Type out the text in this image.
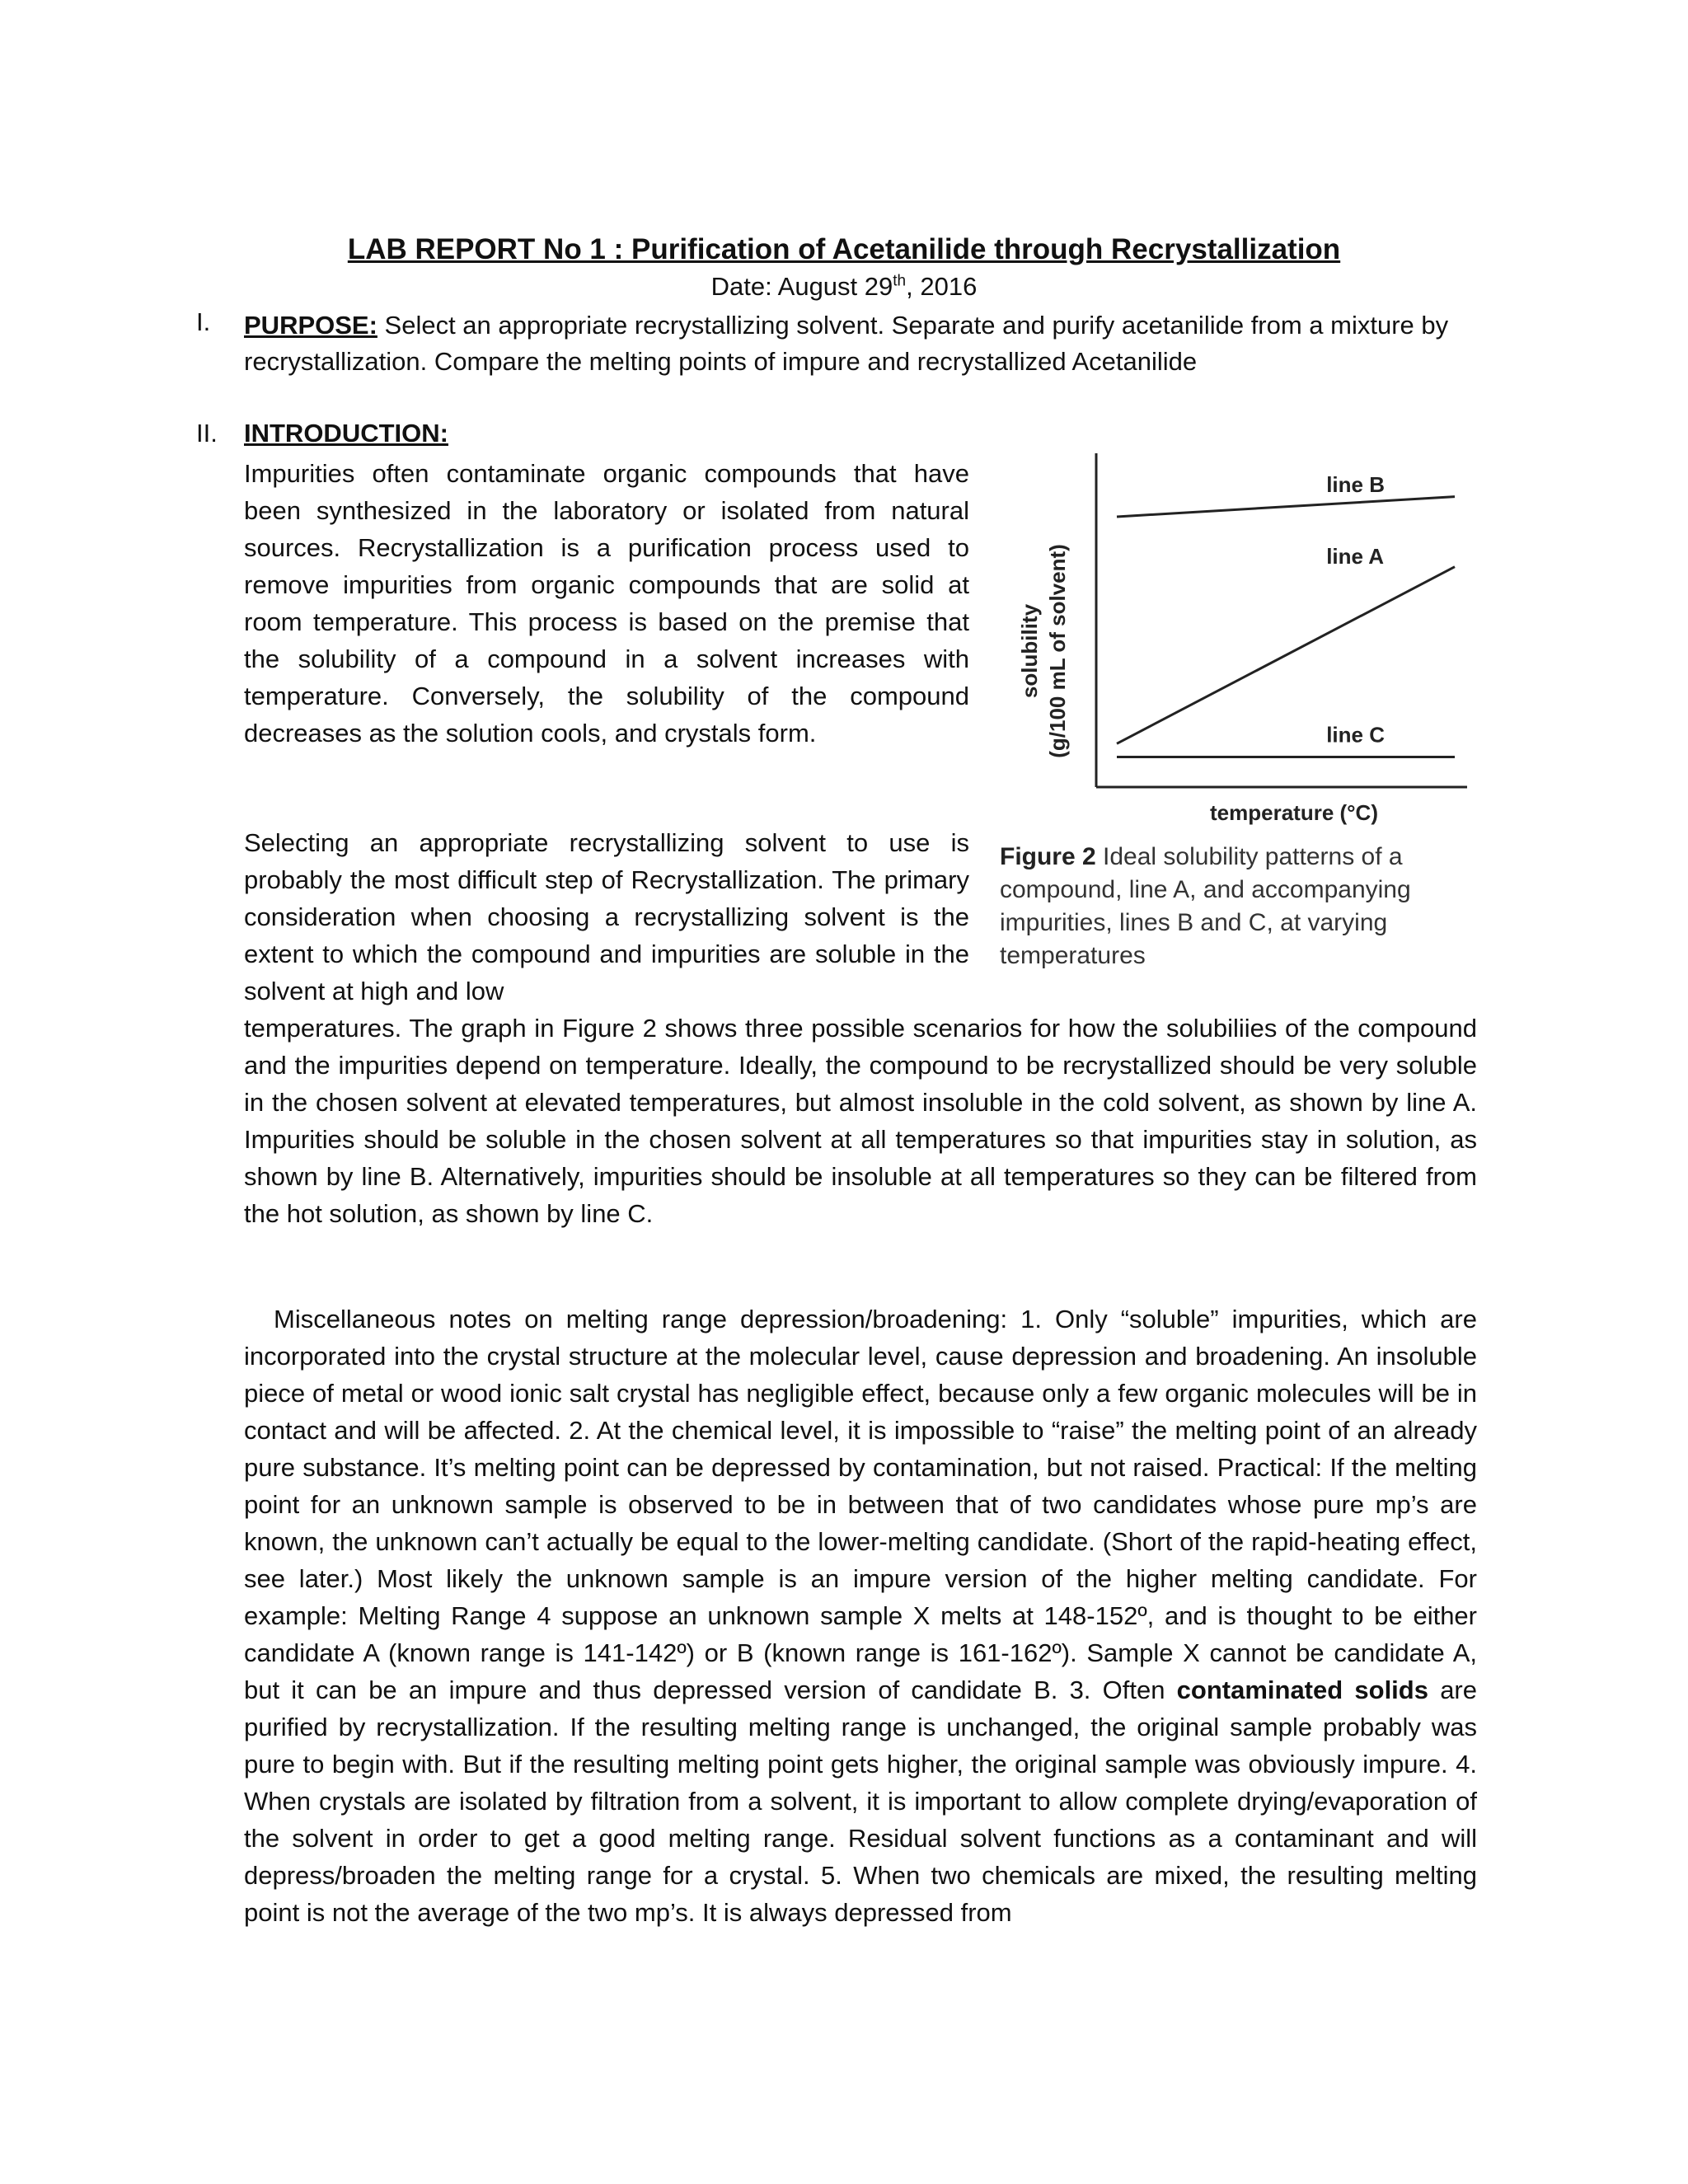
LAB REPORT No 1 : Purification of Acetanilide through Recrystallization
Date: August 29th, 2016
I. PURPOSE: Select an appropriate recrystallizing solvent. Separate and purify acetanilide from a mixture by recrystallization. Compare the melting points of impure and recrystallized Acetanilide
II. INTRODUCTION:
Impurities often contaminate organic compounds that have been synthesized in the laboratory or isolated from natural sources. Recrystallization is a purification process used to remove impurities from organic compounds that are solid at room temperature. This process is based on the premise that the solubility of a compound in a solvent increases with temperature. Conversely, the solubility of the compound decreases as the solution cools, and crystals form.
Selecting an appropriate recrystallizing solvent to use is probably the most difficult step of Recrystallization. The primary consideration when choosing a recrystallizing solvent is the extent to which the compound and impurities are soluble in the solvent at high and low
temperatures. The graph in Figure 2 shows three possible scenarios for how the solubiliies of the compound and the impurities depend on temperature. Ideally, the compound to be recrystallized should be very soluble in the chosen solvent at elevated temperatures, but almost insoluble in the cold solvent, as shown by line A. Impurities should be soluble in the chosen solvent at all temperatures so that impurities stay in solution, as shown by line B. Alternatively, impurities should be insoluble at all temperatures so they can be filtered from the hot solution, as shown by line C.
solubility (g/100 mL of solvent)
temperature (°C)
line B
line A
line C
Figure 2 Ideal solubility patterns of a compound, line A, and accompanying impurities, lines B and C, at varying temperatures
Miscellaneous notes on melting range depression/broadening: 1. Only “soluble” impurities, which are incorporated into the crystal structure at the molecular level, cause depression and broadening. An insoluble piece of metal or wood ionic salt crystal has negligible effect, because only a few organic molecules will be in contact and will be affected. 2. At the chemical level, it is impossible to “raise” the melting point of an already pure substance. It’s melting point can be depressed by contamination, but not raised. Practical: If the melting point for an unknown sample is observed to be in between that of two candidates whose pure mp’s are known, the unknown can’t actually be equal to the lower-melting candidate. (Short of the rapid-heating effect, see later.) Most likely the unknown sample is an impure version of the higher melting candidate. For example: Melting Range 4 suppose an unknown sample X melts at 148-152º, and is thought to be either candidate A (known range is 141-142º) or B (known range is 161-162º). Sample X cannot be candidate A, but it can be an impure and thus depressed version of candidate B. 3. Often contaminated solids are purified by recrystallization. If the resulting melting range is unchanged, the original sample probably was pure to begin with. But if the resulting melting point gets higher, the original sample was obviously impure. 4. When crystals are isolated by filtration from a solvent, it is important to allow complete drying/evaporation of the solvent in order to get a good melting range. Residual solvent functions as a contaminant and will depress/broaden the melting range for a crystal. 5. When two chemicals are mixed, the resulting melting point is not the average of the two mp’s. It is always depressed from
